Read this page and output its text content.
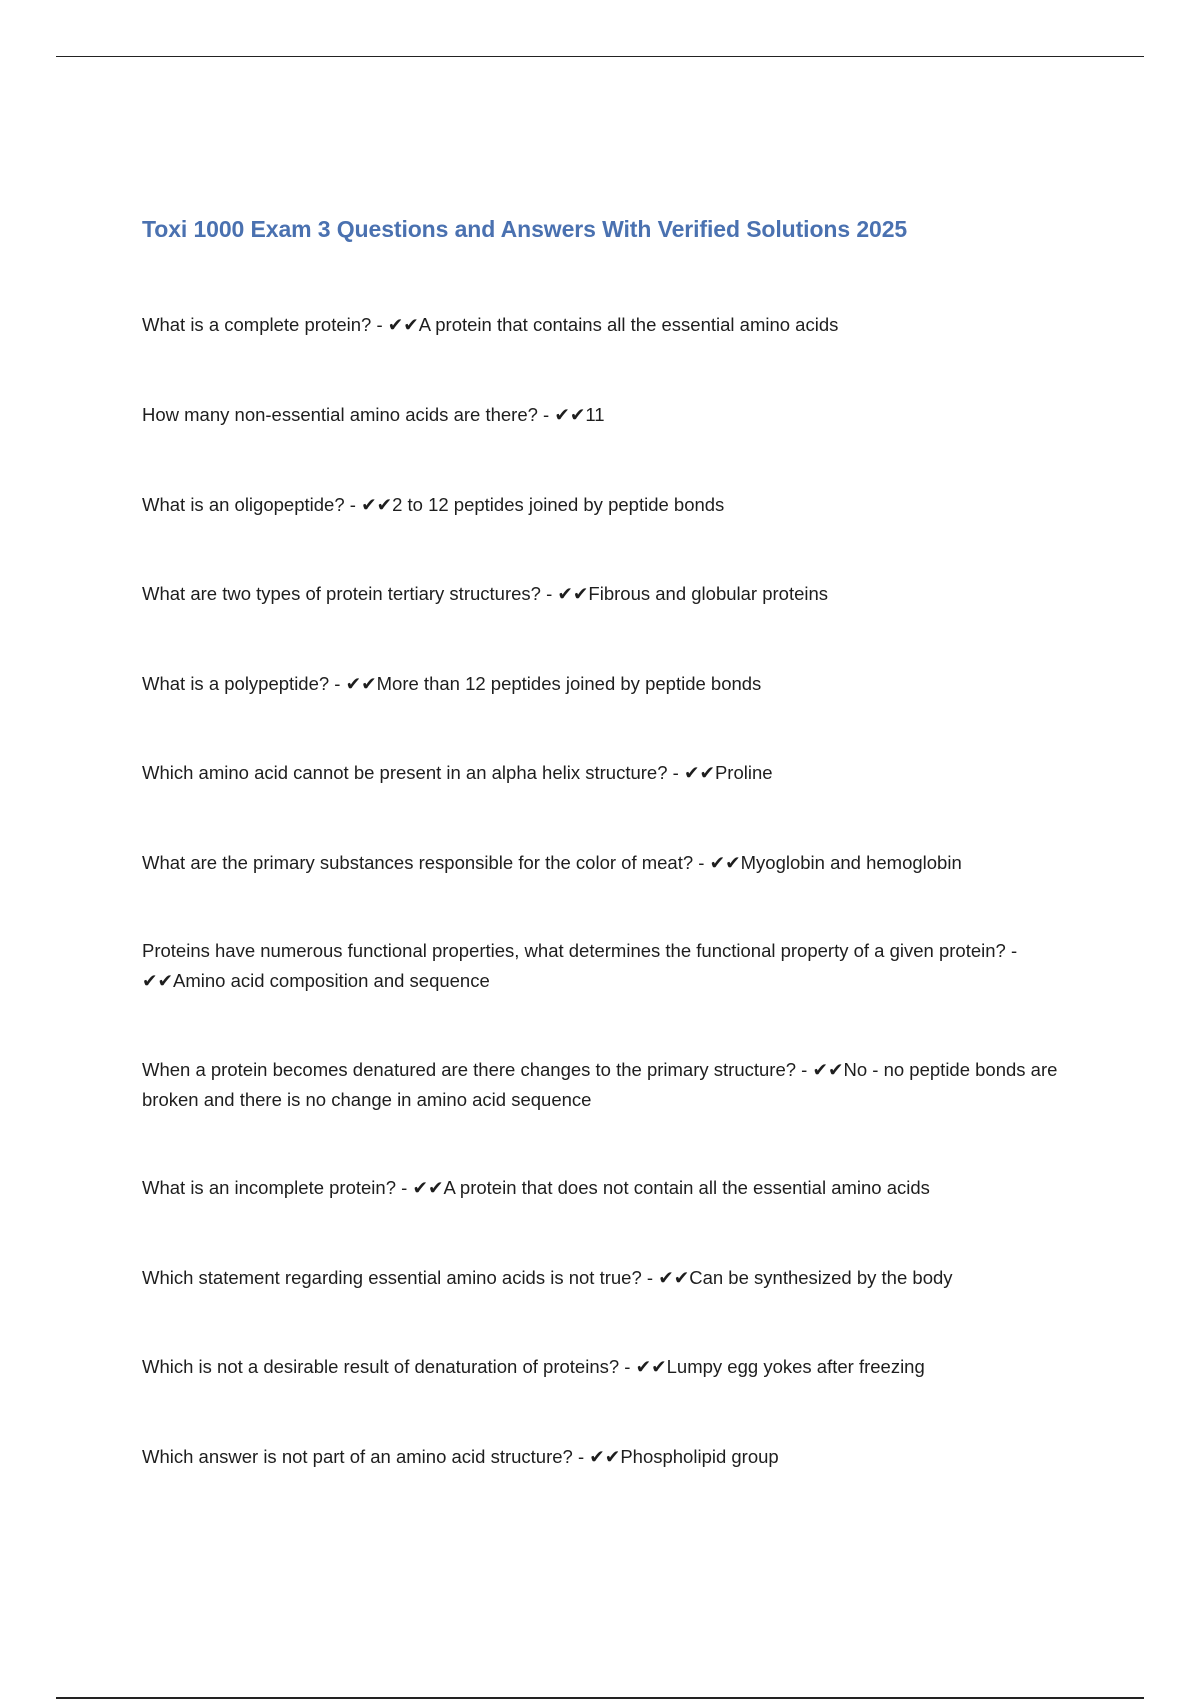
Toxi 1000 Exam 3 Questions and Answers With Verified Solutions 2025
What is a complete protein? - ✔✔A protein that contains all the essential amino acids
How many non-essential amino acids are there? - ✔✔11
What is an oligopeptide? - ✔✔2 to 12 peptides joined by peptide bonds
What are two types of protein tertiary structures? - ✔✔Fibrous and globular proteins
What is a polypeptide? - ✔✔More than 12 peptides joined by peptide bonds
Which amino acid cannot be present in an alpha helix structure? - ✔✔Proline
What are the primary substances responsible for the color of meat? - ✔✔Myoglobin and hemoglobin
Proteins have numerous functional properties, what determines the functional property of a given protein? - ✔✔Amino acid composition and sequence
When a protein becomes denatured are there changes to the primary structure? - ✔✔No - no peptide bonds are broken and there is no change in amino acid sequence
What is an incomplete protein? - ✔✔A protein that does not contain all the essential amino acids
Which statement regarding essential amino acids is not true? - ✔✔Can be synthesized by the body
Which is not a desirable result of denaturation of proteins? - ✔✔Lumpy egg yokes after freezing
Which answer is not part of an amino acid structure? - ✔✔Phospholipid group
